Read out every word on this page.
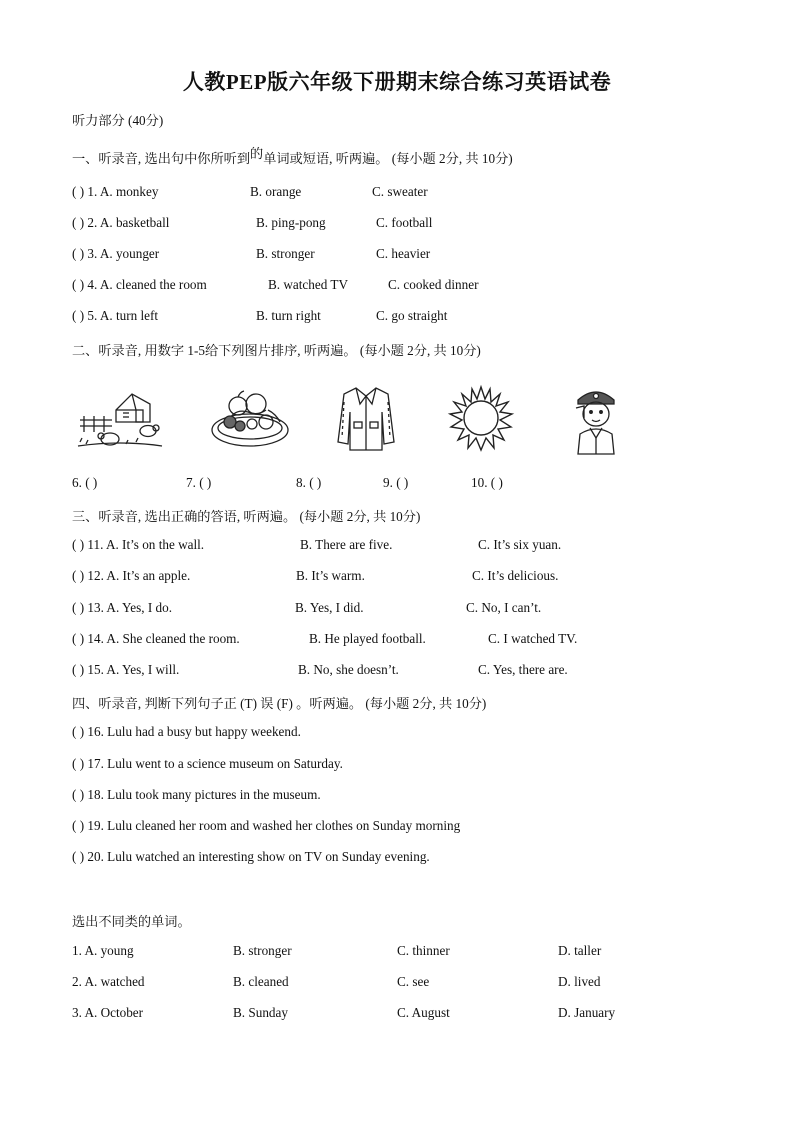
人教PEP版六年级下册期末综合练习英语试卷
听力部分 (40分)
一、听录音, 选出句中你所听到的单词或短语, 听两遍。 (每小题 2分, 共 10分)
( ) 1. A. monkey	B. orange	C. sweater
( ) 2. A. basketball	B. ping-pong	C. football
( ) 3. A. younger	B. stronger	C. heavier
( ) 4. A. cleaned the room	B. watched TV	C. cooked dinner
( ) 5. A. turn left	B. turn right	C. go straight
二、听录音, 用数字 1-5给下列图片排序, 听两遍。 (每小题 2分, 共 10分)
6. ( )	7. ( )	8. ( )	9. ( )	10. ( )
三、听录音, 选出正确的答语, 听两遍。 (每小题 2分, 共 10分)
( ) 11. A. It’s on the wall.	B. There are five.	C. It’s six yuan.
( ) 12. A. It’s an apple.	B. It’s warm.	C. It’s delicious.
( ) 13. A. Yes, I do.	B. Yes, I did.	C. No, I can’t.
( ) 14. A. She cleaned the room.	B. He played football.	C. I watched TV.
( ) 15. A. Yes, I will.	B. No, she doesn’t.	C. Yes, there are.
四、听录音, 判断下列句子正 (T) 误 (F) 。听两遍。 (每小题 2分, 共 10分)
( ) 16. Lulu had a busy but happy weekend.
( ) 17. Lulu went to a science museum on Saturday.
( ) 18. Lulu took many pictures in the museum.
( ) 19. Lulu cleaned her room and washed her clothes on Sunday morning
( ) 20. Lulu watched an interesting show on TV on Sunday evening.
选出不同类的单词。
1. A. young	B. stronger	C. thinner	D. taller
2. A. watched	B. cleaned	C. see	D. lived
3. A. October	B. Sunday	C. August	D. January
